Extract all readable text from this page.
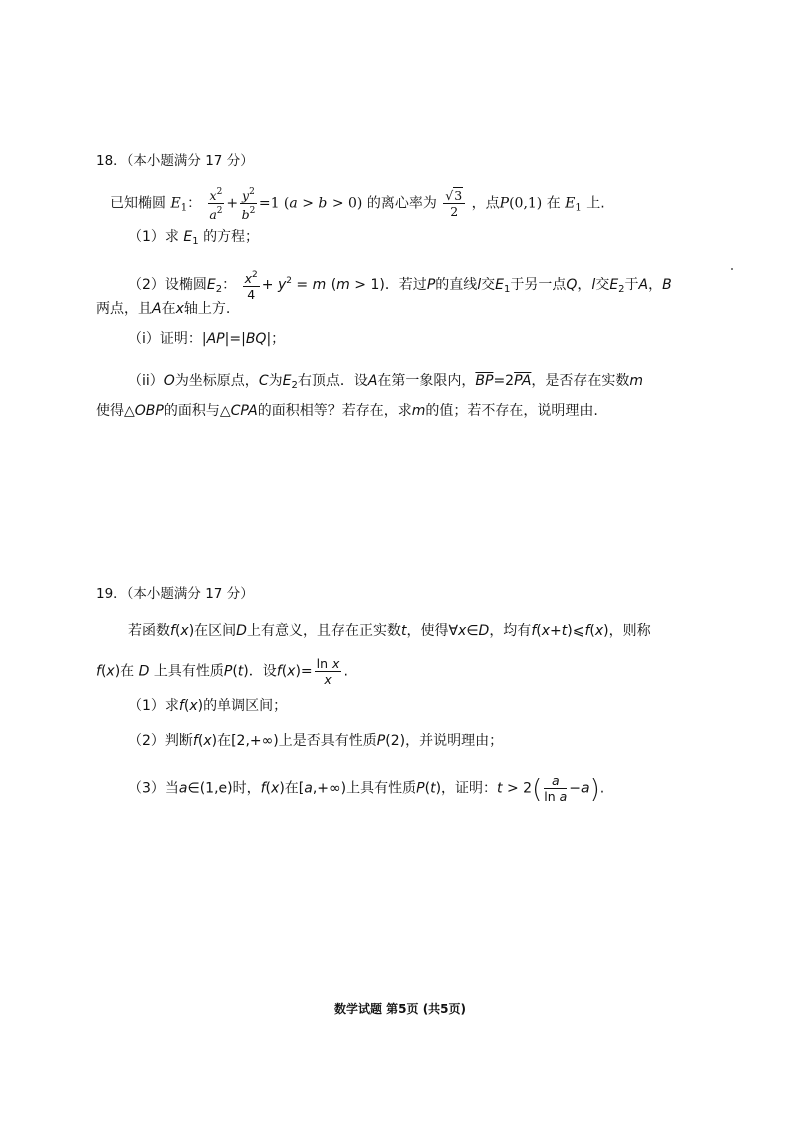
18．（本小题满分 17 分）
已知椭圆 $E_1$： $\frac{x^2}{a^2} + \frac{y^2}{b^2} =1$ (a > b > 0) 的离心率为 $\frac{√3}{2}$ ，点P(0,1) 在 $E_1$ 上.
（1）求 $E_1$ 的方程；
（2）设椭圆$E_2$： $\frac{x^2}{4} + y^2 = m$ (m > 1)．若过P的直线l交$E_1$于另一点Q，l交$E_2$于A，B
两点，且A在x轴上方.
（i）证明：|AP|=|BQ|；
（ii）O为坐标原点，C为$E_2$右顶点．设A在第一象限内，$\overline{BP}=2\overline{PA}$，是否存在实数m
使得△OBP的面积与△CPA的面积相等？若存在，求m的值；若不存在，说明理由.
19．（本小题满分 17 分）
若函数f(x)在区间D上有意义，且存在正实数t，使得∀x∈D，均有f(x+t)⩽f(x)，则称
f(x)在 D 上具有性质P(t)．设$f(x)= \frac{\text{ln x}}{x}$ .
（1）求f(x)的单调区间；
（2）判断f(x)在[2,+∞)上是否具有性质P(2)，并说明理由；
（3）当a∈(1,e)时，f(x)在[a,+∞)上具有性质P(t)，证明：$t > 2( \frac{a}{\text{ln a}} -a)$.
数学试题 第5页 (共5页)
